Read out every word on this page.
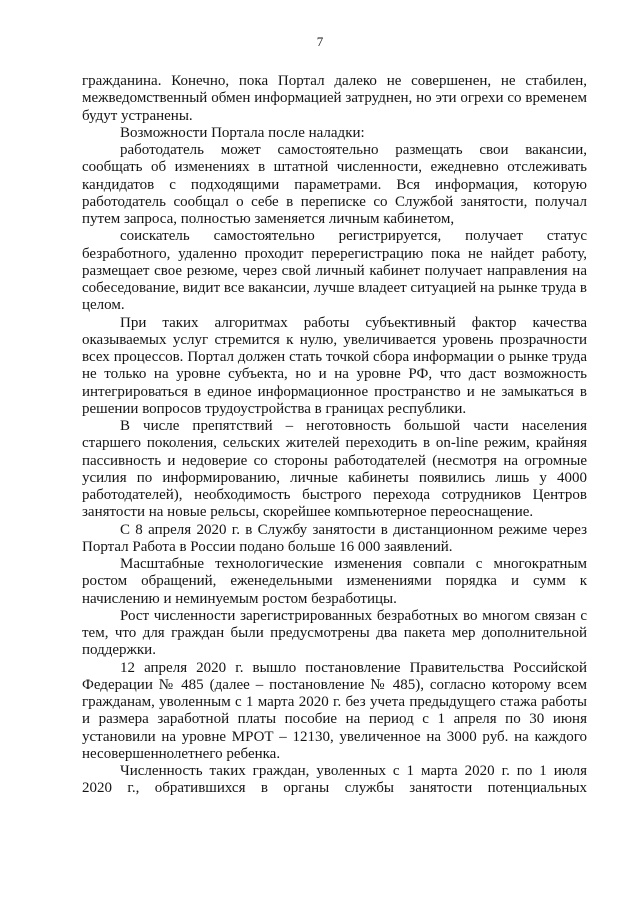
7
гражданина. Конечно, пока Портал далеко не совершенен, не стабилен,
межведомственный обмен информацией затруднен, но эти огрехи со временем
будут устранены.
Возможности Портала после наладки:
работодатель может самостоятельно размещать свои вакансии,
сообщать об изменениях в штатной численности, ежедневно отслеживать
кандидатов с подходящими параметрами. Вся информация, которую
работодатель сообщал о себе в переписке со Службой занятости, получал
путем запроса, полностью заменяется личным кабинетом,
соискатель самостоятельно регистрируется, получает статус
безработного, удаленно проходит перерегистрацию пока не найдет работу,
размещает свое резюме, через свой личный кабинет получает направления на
собеседование, видит все вакансии, лучше владеет ситуацией на рынке труда в
целом.
При таких алгоритмах работы субъективный фактор качества
оказываемых услуг стремится к нулю, увеличивается уровень прозрачности
всех процессов. Портал должен стать точкой сбора информации о рынке труда
не только на уровне субъекта, но и на уровне РФ, что даст возможность
интегрироваться в единое информационное пространство и не замыкаться в
решении вопросов трудоустройства в границах республики.
В числе препятствий – неготовность большой части населения
старшего поколения, сельских жителей переходить в on-line режим, крайняя
пассивность и недоверие со стороны работодателей (несмотря на огромные
усилия по информированию, личные кабинеты появились лишь у 4000
работодателей), необходимость быстрого перехода сотрудников Центров
занятости на новые рельсы, скорейшее компьютерное переоснащение.
С 8 апреля 2020 г. в Службу занятости в дистанционном режиме через
Портал Работа в России подано больше 16 000 заявлений.
Масштабные технологические изменения совпали с многократным
ростом обращений, еженедельными изменениями порядка и сумм к
начислению и неминуемым ростом безработицы.
Рост численности зарегистрированных безработных во многом связан с
тем, что для граждан были предусмотрены два пакета мер дополнительной
поддержки.
12 апреля 2020 г. вышло постановление Правительства Российской
Федерации № 485 (далее – постановление № 485), согласно которому всем
гражданам, уволенным с 1 марта 2020 г. без учета предыдущего стажа работы
и размера заработной платы пособие на период с 1 апреля по 30 июня
установили на уровне МРОТ – 12130, увеличенное на 3000 руб. на каждого
несовершеннолетнего ребенка.
Численность таких граждан, уволенных с 1 марта 2020 г. по 1 июля
2020 г., обратившихся в органы службы занятости потенциальных
